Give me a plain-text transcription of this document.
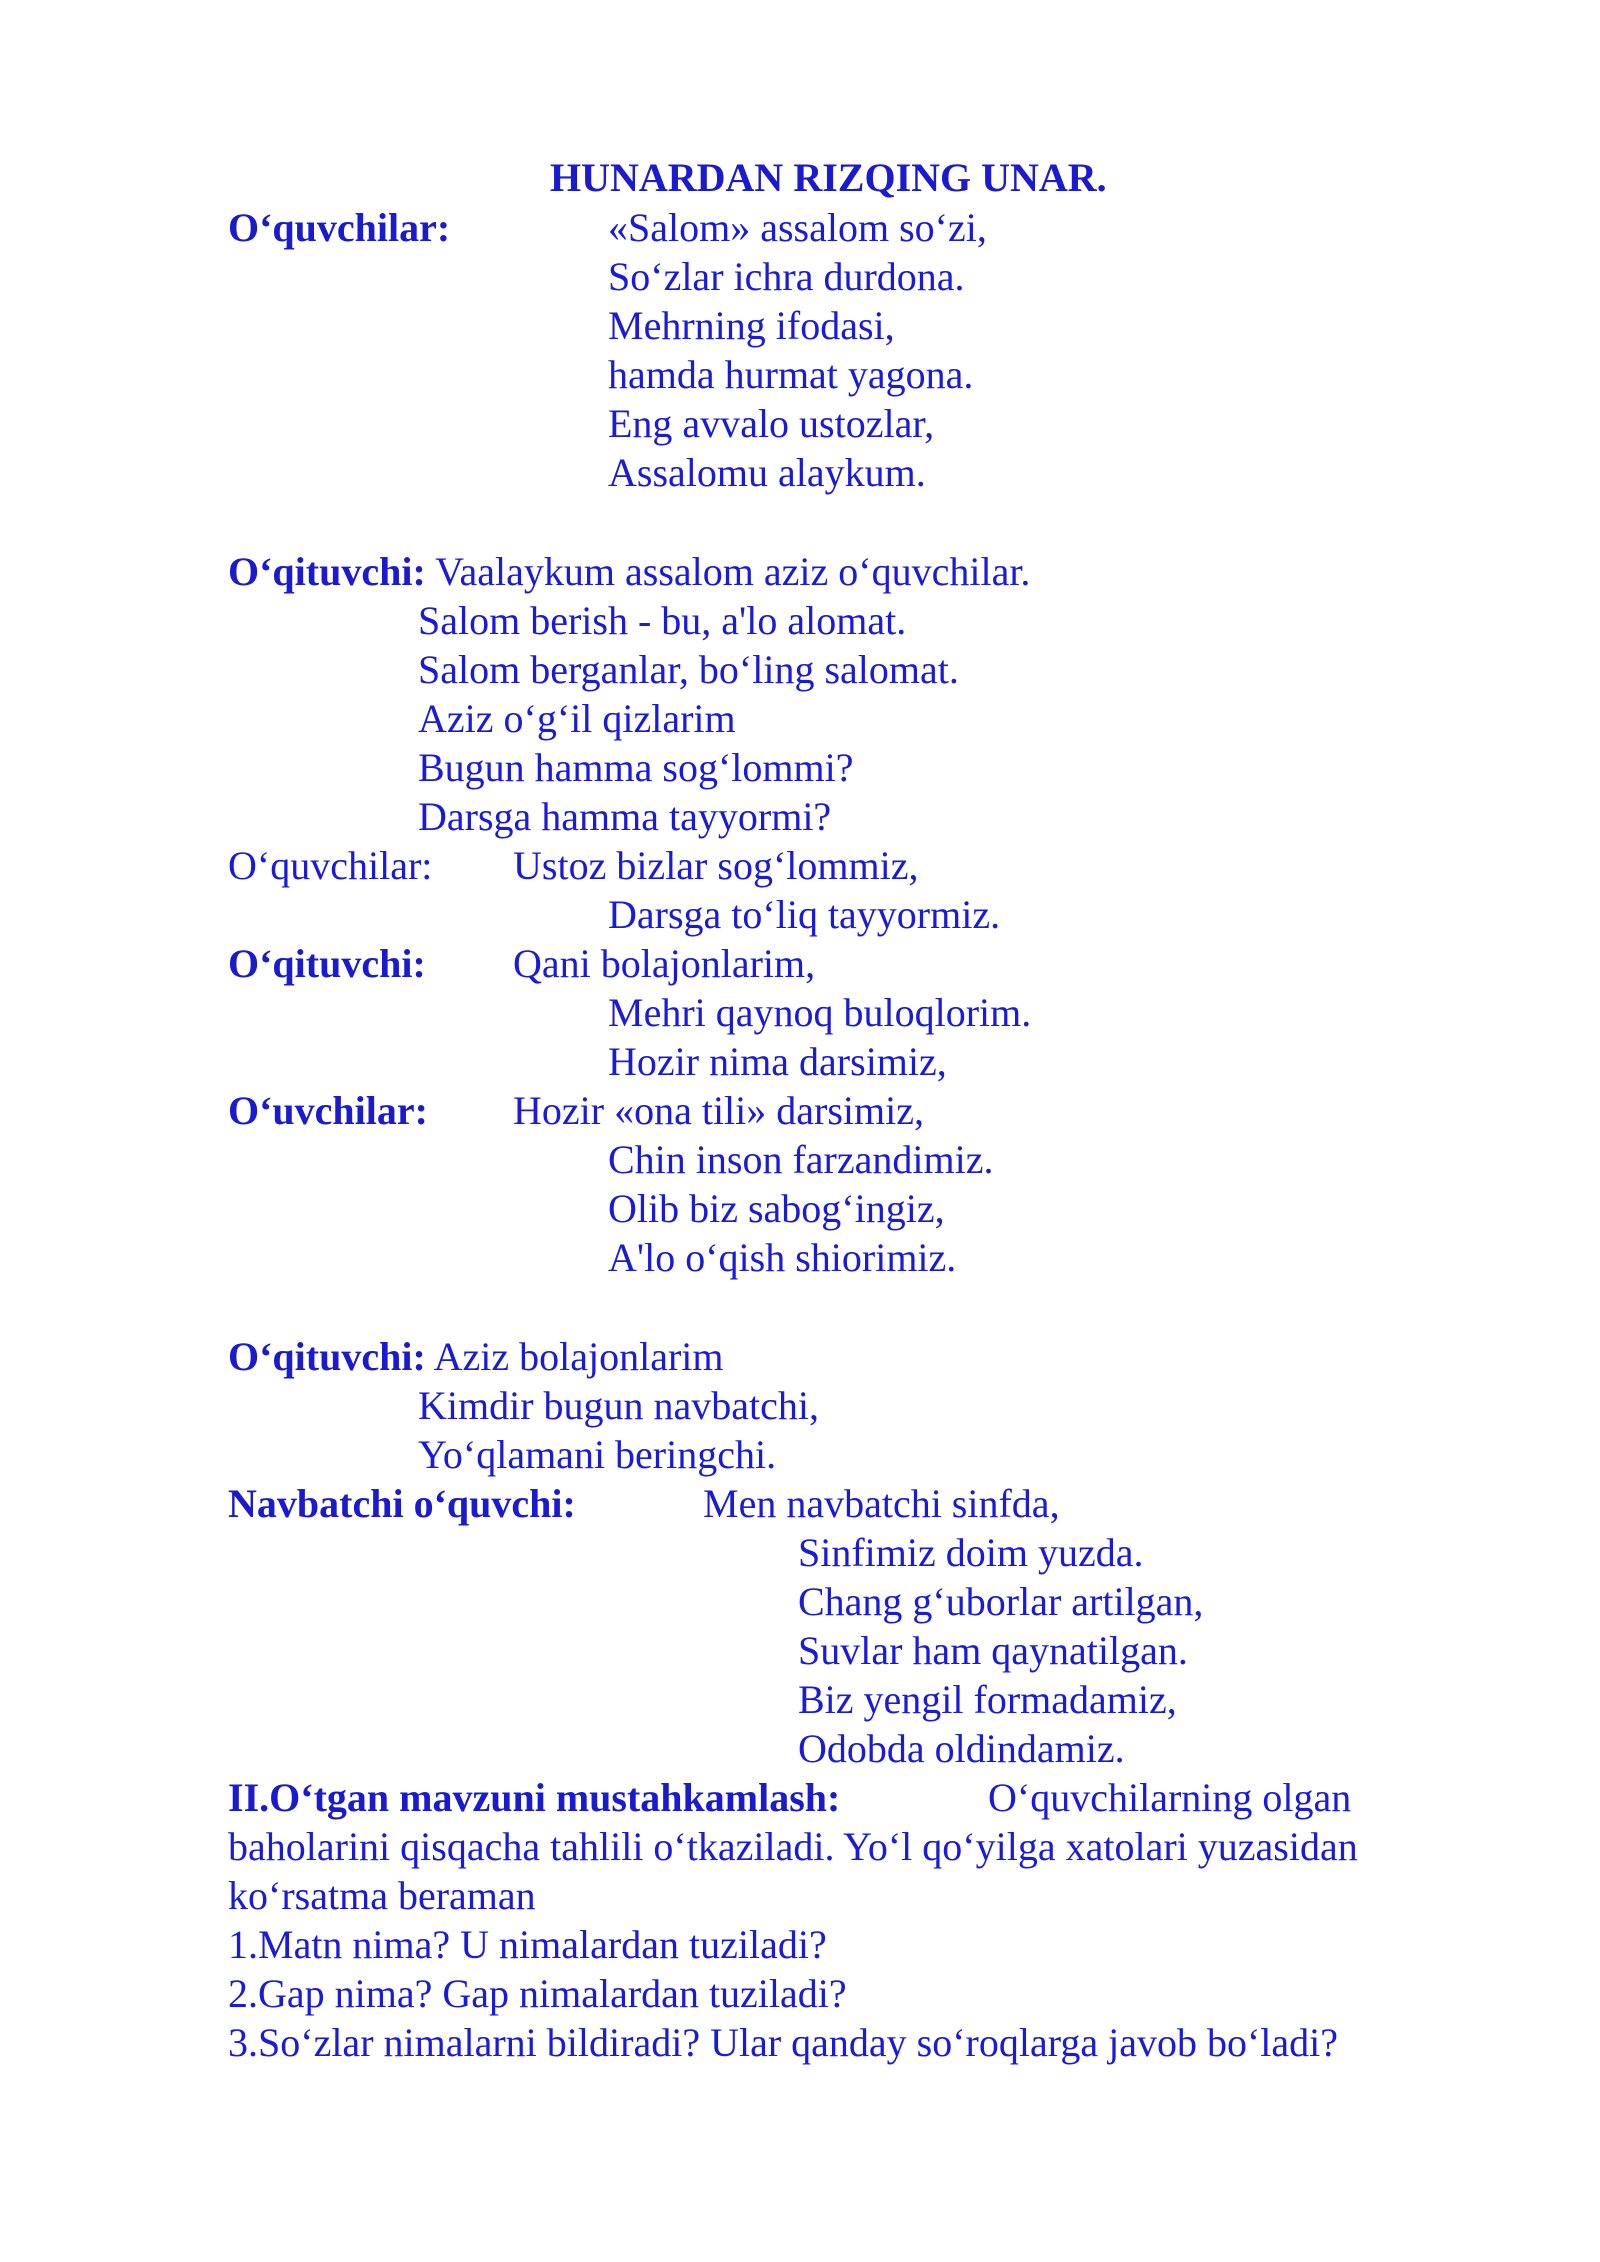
HUNARDAN RIZQING UNAR.
O‘quvchilar:	«Salom» assalom so‘zi,
So‘zlar ichra durdona.
Mehrning ifodasi,
hamda hurmat yagona.
Eng avvalo ustozlar,
Assalomu alaykum.
O‘qituvchi: Vaalaykum assalom aziz o‘quvchilar.
Salom berish - bu, a'lo alomat.
Salom berganlar, bo‘ling salomat.
Aziz o‘g‘il qizlarim
Bugun hamma sog‘lommi?
Darsga hamma tayyormi?
O‘quvchilar: Ustoz bizlar sog‘lommiz,
Darsga to‘liq tayyormiz.
O‘qituvchi: Qani bolajonlarim,
Mehri qaynoq buloqlorim.
Hozir nima darsimiz,
O‘uvchilar: Hozir «ona tili» darsimiz,
Chin inson farzandimiz.
Olib biz sabog‘ingiz,
A'lo o‘qish shiorimiz.
O‘qituvchi: Aziz bolajonlarim
Kimdir bugun navbatchi,
Yo‘qlamani beringchi.
Navbatchi o‘quvchi:	Men navbatchi sinfda,
Sinfimiz doim yuzda.
Chang g‘uborlar artilgan,
Suvlar ham qaynatilgan.
Biz yengil formadamiz,
Odobda oldindamiz.
II.O‘tgan mavzuni mustahkamlash:	O‘quvchilarning olgan
baholarini qisqacha tahlili o‘tkaziladi. Yo‘l qo‘yilga xatolari yuzasidan
ko‘rsatma beraman
1.Matn nima? U nimalardan tuziladi?
2.Gap nima? Gap nimalardan tuziladi?
3.So‘zlar nimalarni bildiradi? Ular qanday so‘roqlarga javob bo‘ladi?
